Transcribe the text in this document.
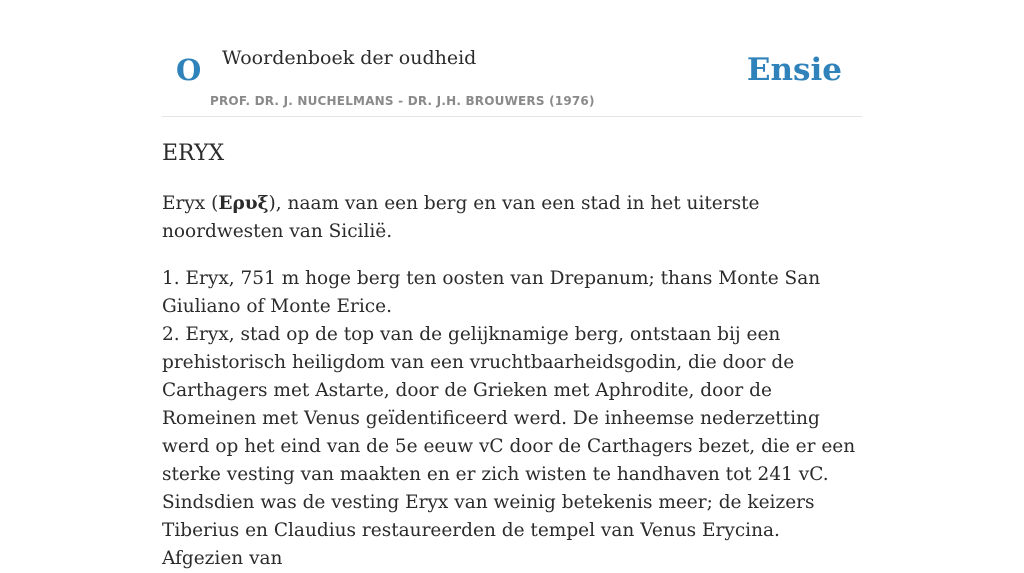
O Woordenboek der oudheid
PROF. DR. J. NUCHELMANS - DR. J.H. BROUWERS (1976)
Ensie
ERYX

Eryx (Ερυξ), naam van een berg en van een stad in het uiterste noordwesten van Sicilië.

1. Eryx, 751 m hoge berg ten oosten van Drepanum; thans Monte San Giuliano of Monte Erice.

2. Eryx, stad op de top van de gelijknamige berg, ontstaan bij een prehistorisch heiligdom van een vruchtbaarheidsgodin, die door de Carthagers met Astarte, door de Grieken met Aphrodite, door de Romeinen met Venus geïdentificeerd werd. De inheemse nederzetting werd op het eind van de 5e eeuw vC door de Carthagers bezet, die er een sterke vesting van maakten en er zich wisten te handhaven tot 241 vC. Sindsdien was de vesting Eryx van weinig betekenis meer; de keizers Tiberius en Claudius restaureerden de tempel van Venus Erycina. Afgezien van
